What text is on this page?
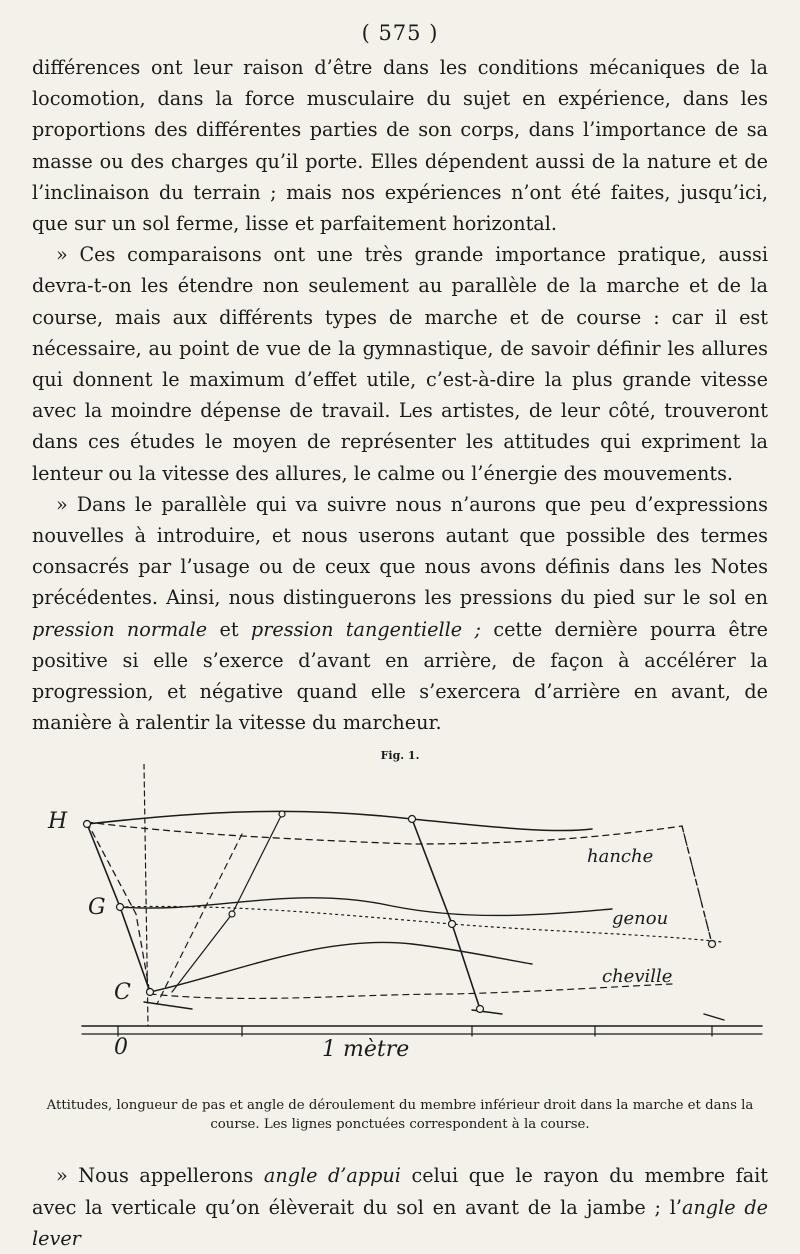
( 575 )

différences ont leur raison d’être dans les conditions mécaniques de la locomotion, dans la force musculaire du sujet en expérience, dans les proportions des différentes parties de son corps, dans l’importance de sa masse ou des charges qu’il porte. Elles dépendent aussi de la nature et de l’inclinaison du terrain ; mais nos expériences n’ont été faites, jusqu’ici, que sur un sol ferme, lisse et parfaitement horizontal.

» Ces comparaisons ont une très grande importance pratique, aussi devra-t-on les étendre non seulement au parallèle de la marche et de la course, mais aux différents types de marche et de course : car il est nécessaire, au point de vue de la gymnastique, de savoir définir les allures qui donnent le maximum d’effet utile, c’est-à-dire la plus grande vitesse avec la moindre dépense de travail. Les artistes, de leur côté, trouveront dans ces études le moyen de représenter les attitudes qui expriment la lenteur ou la vitesse des allures, le calme ou l’énergie des mouvements.

» Dans le parallèle qui va suivre nous n’aurons que peu d’expressions nouvelles à introduire, et nous userons autant que possible des termes consacrés par l’usage ou de ceux que nous avons définis dans les Notes précédentes. Ainsi, nous distinguerons les pressions du pied sur le sol en pression normale et pression tangentielle ; cette dernière pourra être positive si elle s’exerce d’avant en arrière, de façon à accélérer la progression, et négative quand elle s’exercera d’arrière en avant, de manière à ralentir la vitesse du marcheur.

Fig. 1.
H
G
C
0
hanche
genou
cheville
1 mètre
Attitudes, longueur de pas et angle de déroulement du membre inférieur droit dans la marche et dans la course. Les lignes ponctuées correspondent à la course.

» Nous appellerons angle d’appui celui que le rayon du membre fait avec la verticale qu’on élèverait du sol en avant de la jambe ; l’angle de lever
